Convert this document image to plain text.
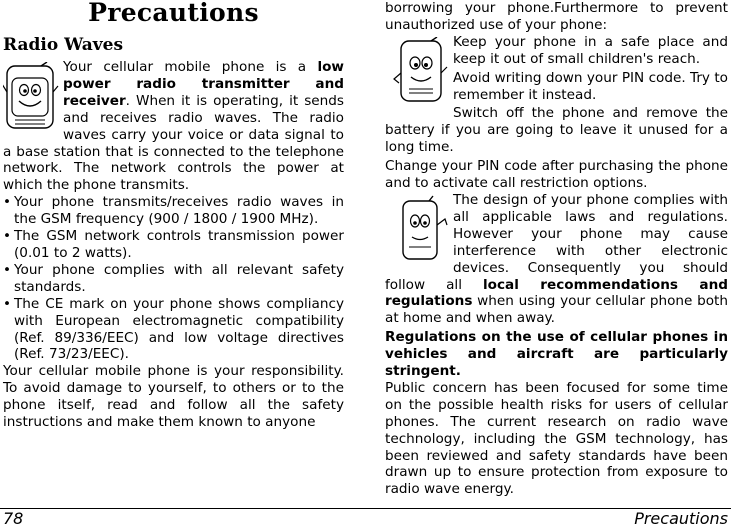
Precautions
Radio Waves

Your cellular mobile phone is a low power radio transmitter and receiver. When it is operating, it sends and receives radio waves. The radio waves carry your voice or data signal to a base station that is connected to the telephone network. The network controls the power at which the phone transmits.

• Your phone transmits/receives radio waves in the GSM frequency (900 / 1800 / 1900 MHz).

• The GSM network controls transmission power (0.01 to 2 watts).

• Your phone complies with all relevant safety standards.

• The CE mark on your phone shows compliancy with European electromagnetic compatibility (Ref. 89/336/EEC) and low voltage directives (Ref. 73/23/EEC).

Your cellular mobile phone is your responsibility. To avoid damage to yourself, to others or to the phone itself, read and follow all the safety instructions and make them known to anyone

borrowing your phone.Furthermore to prevent unauthorized use of your phone:

Keep your phone in a safe place and keep it out of small children's reach.

Avoid writing down your PIN code. Try to remember it instead.

Switch off the phone and remove the battery if you are going to leave it unused for a long time.

Change your PIN code after purchasing the phone and to activate call restriction options.

The design of your phone complies with all applicable laws and regulations. However your phone may cause interference with other electronic devices. Consequently you should follow all local recommendations and regulations when using your cellular phone both at home and when away.

Regulations on the use of cellular phones in vehicles and aircraft are particularly stringent.

Public concern has been focused for some time on the possible health risks for users of cellular phones. The current research on radio wave technology, including the GSM technology, has been reviewed and safety standards have been drawn up to ensure protection from exposure to radio wave energy.

78	Precautions
